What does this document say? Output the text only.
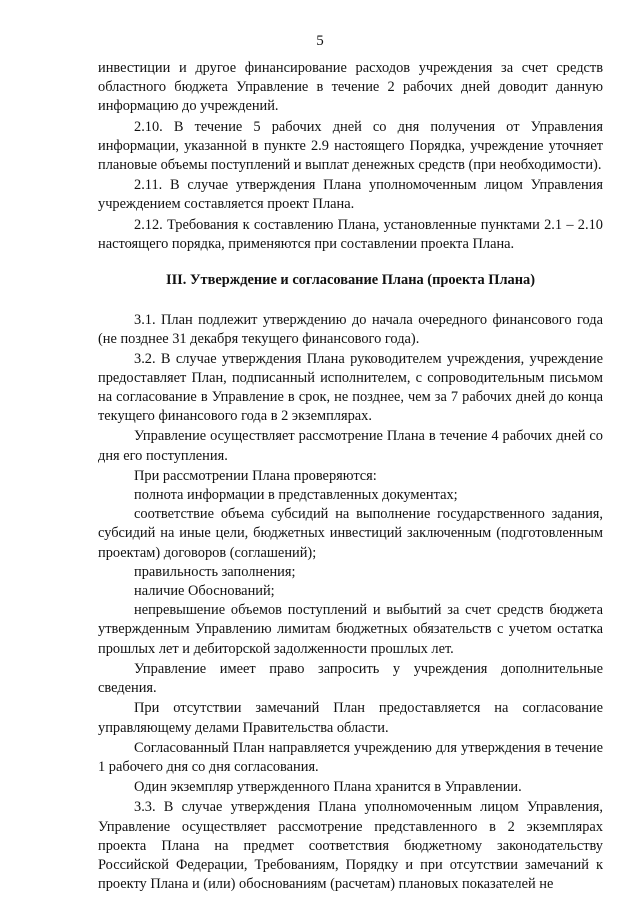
5

инвестиции и другое финансирование расходов учреждения за счет средств областного бюджета Управление в течение 2 рабочих дней доводит данную информацию до учреждений.

2.10. В течение 5 рабочих дней со дня получения от Управления информации, указанной в пункте 2.9 настоящего Порядка, учреждение уточняет плановые объемы поступлений и выплат денежных средств (при необходимости).

2.11. В случае утверждения Плана уполномоченным лицом Управления учреждением составляется проект Плана.

2.12. Требования к составлению Плана, установленные пунктами 2.1 – 2.10 настоящего порядка, применяются при составлении проекта Плана.

III. Утверждение и согласование Плана (проекта Плана)

3.1. План подлежит утверждению до начала очередного финансового года (не позднее 31 декабря текущего финансового года).

3.2. В случае утверждения Плана руководителем учреждения, учреждение предоставляет План, подписанный исполнителем, с сопроводительным письмом на согласование в Управление в срок, не позднее, чем за 7 рабочих дней до конца текущего финансового года в 2 экземплярах.

Управление осуществляет рассмотрение Плана в течение 4 рабочих дней со дня его поступления.

При рассмотрении Плана проверяются:

полнота информации в представленных документах;

соответствие объема субсидий на выполнение государственного задания, субсидий на иные цели, бюджетных инвестиций заключенным (подготовленным проектам) договоров (соглашений);

правильность заполнения;

наличие Обоснований;

непревышение объемов поступлений и выбытий за счет средств бюджета утвержденным Управлению лимитам бюджетных обязательств с учетом остатка прошлых лет и дебиторской задолженности прошлых лет.

Управление имеет право запросить у учреждения дополнительные сведения.

При отсутствии замечаний План предоставляется на согласование управляющему делами Правительства области.

Согласованный План направляется учреждению для утверждения в течение 1 рабочего дня со дня согласования.

Один экземпляр утвержденного Плана хранится в Управлении.

3.3. В случае утверждения Плана уполномоченным лицом Управления, Управление осуществляет рассмотрение представленного в 2 экземплярах проекта Плана на предмет соответствия бюджетному законодательству Российской Федерации, Требованиям, Порядку и при отсутствии замечаний к проекту Плана и (или) обоснованиям (расчетам) плановых показателей не
